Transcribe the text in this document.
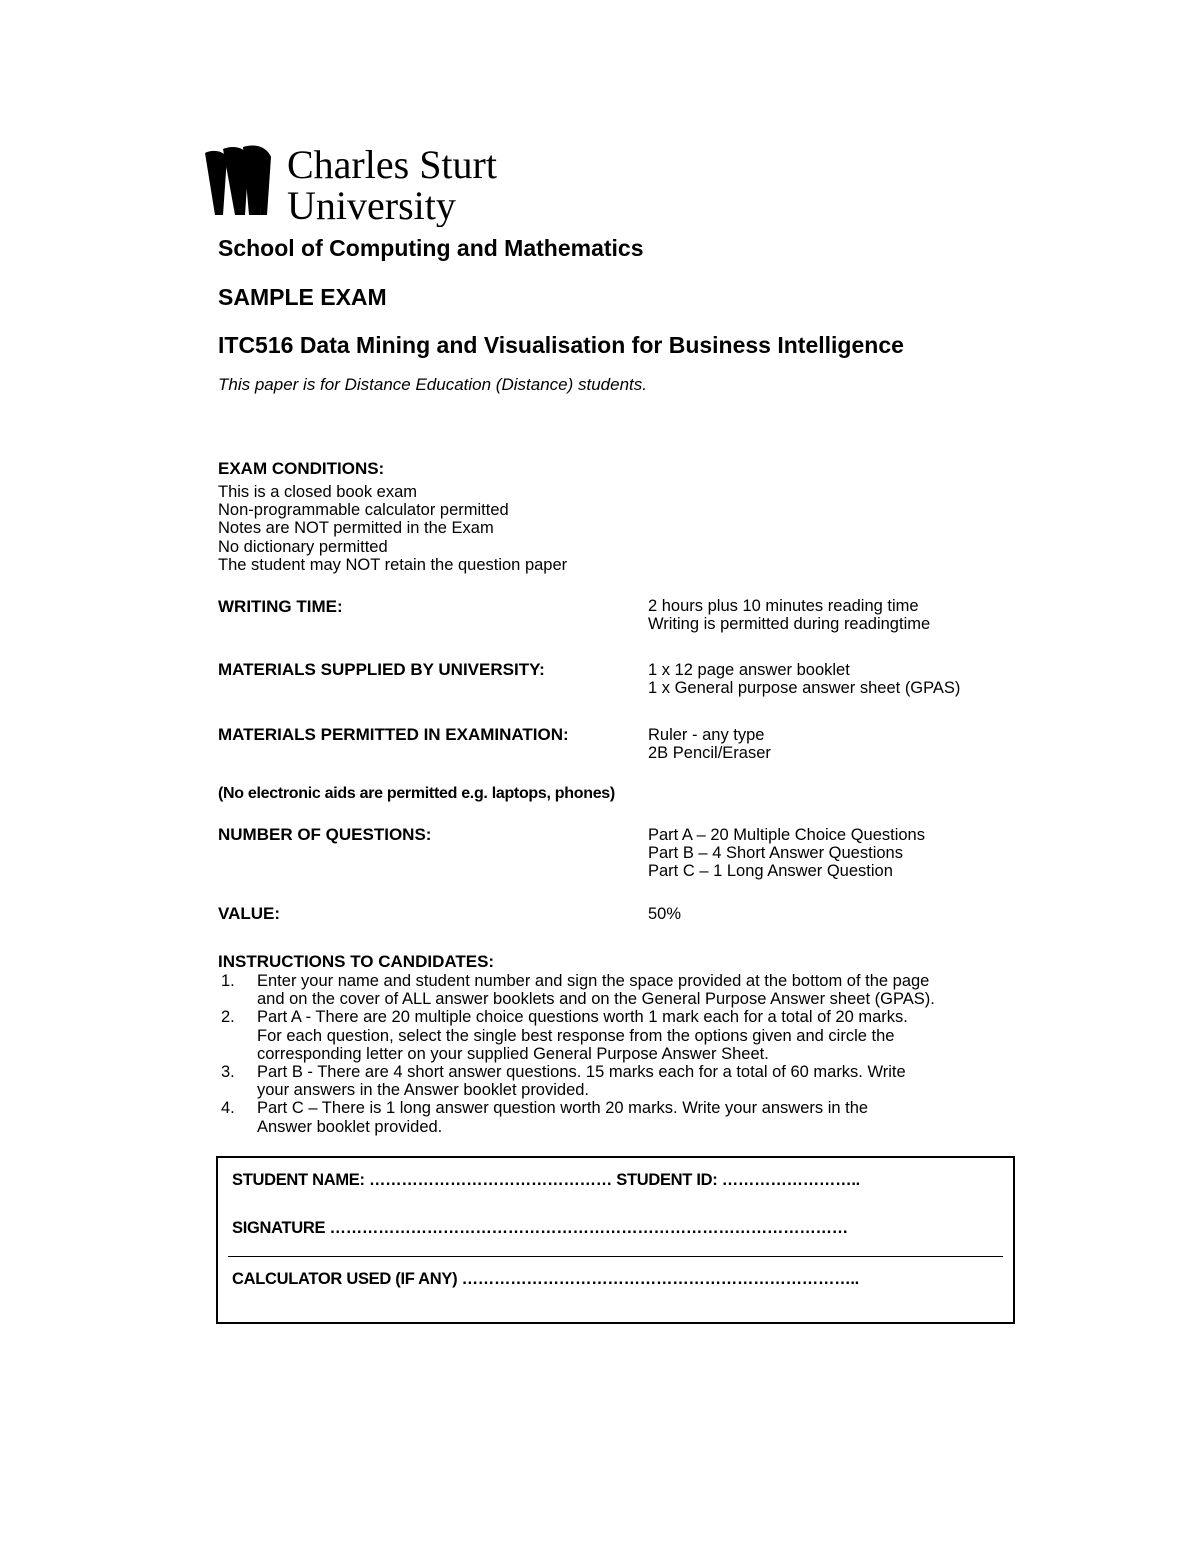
Charles Sturt
University
School of Computing and Mathematics
SAMPLE EXAM
ITC516 Data Mining and Visualisation for Business Intelligence
This paper is for Distance Education (Distance) students.
EXAM CONDITIONS:
This is a closed book exam
Non-programmable calculator permitted
Notes are NOT permitted in the Exam
No dictionary permitted
The student may NOT retain the question paper
WRITING TIME:	2 hours plus 10 minutes reading time
Writing is permitted during readingtime
MATERIALS SUPPLIED BY UNIVERSITY:	1 x 12 page answer booklet
1 x General purpose answer sheet (GPAS)
MATERIALS PERMITTED IN EXAMINATION:	Ruler - any type
2B Pencil/Eraser
(No electronic aids are permitted e.g. laptops, phones)
NUMBER OF QUESTIONS:	Part A – 20 Multiple Choice Questions
Part B – 4 Short Answer Questions
Part C – 1 Long Answer Question
VALUE:	50%
INSTRUCTIONS TO CANDIDATES:
1. Enter your name and student number and sign the space provided at the bottom of the page
and on the cover of ALL answer booklets and on the General Purpose Answer sheet (GPAS).
2. Part A - There are 20 multiple choice questions worth 1 mark each for a total of 20 marks.
For each question, select the single best response from the options given and circle the
corresponding letter on your supplied General Purpose Answer Sheet.
3. Part B - There are 4 short answer questions. 15 marks each for a total of 60 marks. Write
your answers in the Answer booklet provided.
4. Part C – There is 1 long answer question worth 20 marks. Write your answers in the
Answer booklet provided.
STUDENT NAME: ……………………………………… STUDENT ID: ……………………..
SIGNATURE ……………………………………………………………………………………
CALCULATOR USED (IF ANY) ………………………………………………………………..
